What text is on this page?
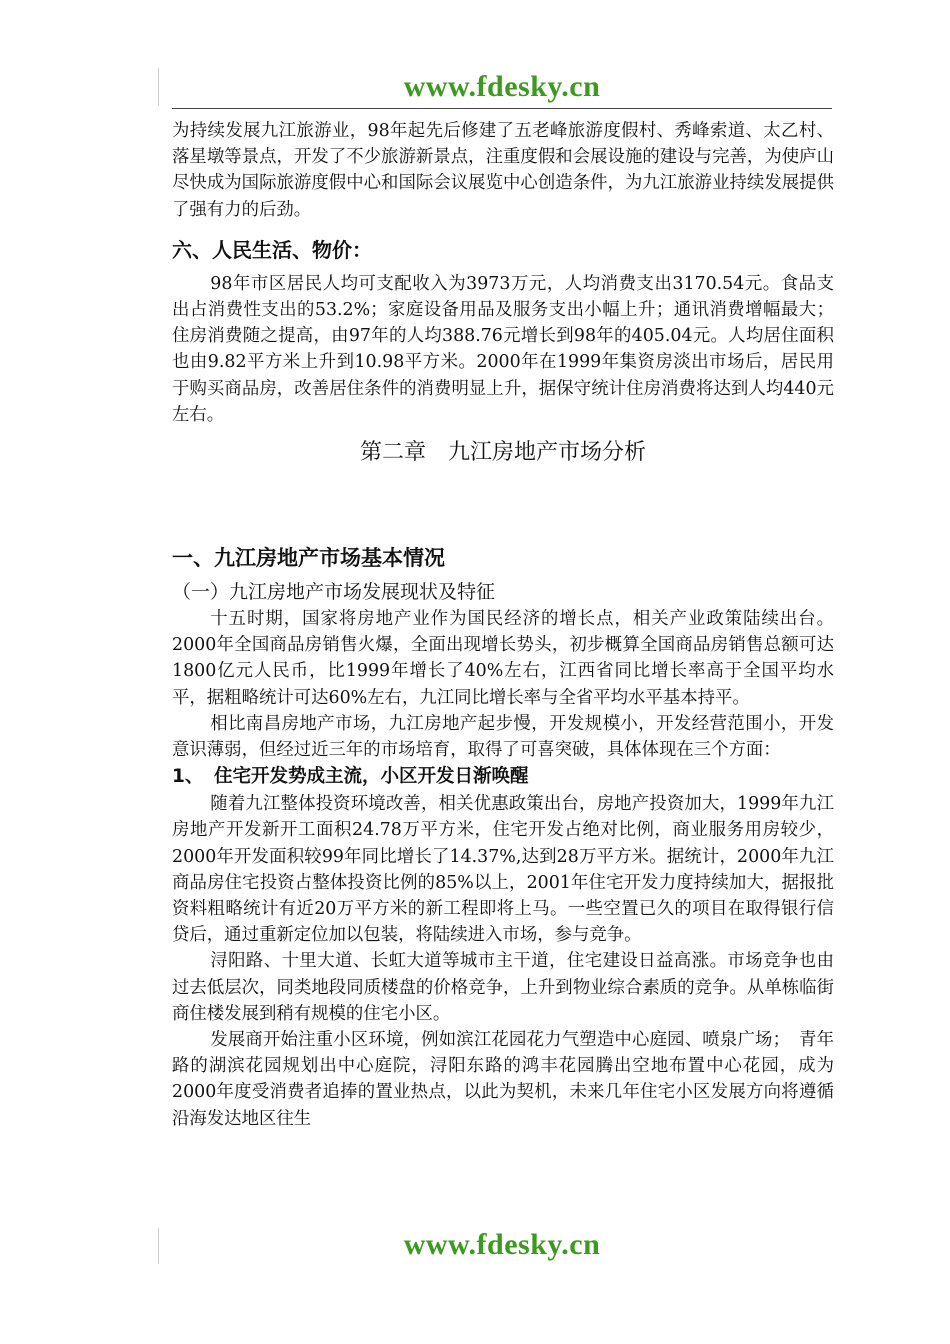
www.fdesky.cn

为持续发展九江旅游业，98年起先后修建了五老峰旅游度假村、秀峰索道、太乙村、落星墩等景点，开发了不少旅游新景点，注重度假和会展设施的建设与完善，为使庐山尽快成为国际旅游度假中心和国际会议展览中心创造条件，为九江旅游业持续发展提供了强有力的后劲。

六、人民生活、物价：

98年市区居民人均可支配收入为3973万元，人均消费支出3170.54元。食品支出占消费性支出的53.2%；家庭设备用品及服务支出小幅上升；通讯消费增幅最大；住房消费随之提高，由97年的人均388.76元增长到98年的405.04元。人均居住面积也由9.82平方米上升到10.98平方米。2000年在1999年集资房淡出市场后，居民用于购买商品房，改善居住条件的消费明显上升，据保守统计住房消费将达到人均440元左右。

第二章　九江房地产市场分析
一、九江房地产市场基本情况
（一）九江房地产市场发展现状及特征

十五时期，国家将房地产业作为国民经济的增长点，相关产业政策陆续出台。2000年全国商品房销售火爆，全面出现增长势头，初步概算全国商品房销售总额可达1800亿元人民币，比1999年增长了40%左右，江西省同比增长率高于全国平均水平，据粗略统计可达60%左右，九江同比增长率与全省平均水平基本持平。

相比南昌房地产市场，九江房地产起步慢，开发规模小，开发经营范围小，开发意识薄弱，但经过近三年的市场培育，取得了可喜突破，具体体现在三个方面：

1、 住宅开发势成主流，小区开发日渐唤醒

随着九江整体投资环境改善，相关优惠政策出台，房地产投资加大，1999年九江房地产开发新开工面积24.78万平方米，住宅开发占绝对比例，商业服务用房较少，2000年开发面积较99年同比增长了14.37%,达到28万平方米。据统计，2000年九江商品房住宅投资占整体投资比例的85%以上，2001年住宅开发力度持续加大，据报批资料粗略统计有近20万平方米的新工程即将上马。一些空置已久的项目在取得银行信贷后，通过重新定位加以包装，将陆续进入市场，参与竞争。

浔阳路、十里大道、长虹大道等城市主干道，住宅建设日益高涨。市场竞争也由过去低层次，同类地段同质楼盘的价格竞争，上升到物业综合素质的竞争。从单栋临街商住楼发展到稍有规模的住宅小区。

发展商开始注重小区环境，例如滨江花园花力气塑造中心庭园、喷泉广场；　青年路的湖滨花园规划出中心庭院，浔阳东路的鸿丰花园腾出空地布置中心花园，成为2000年度受消费者追捧的置业热点，以此为契机，未来几年住宅小区发展方向将遵循沿海发达地区往生

www.fdesky.cn
